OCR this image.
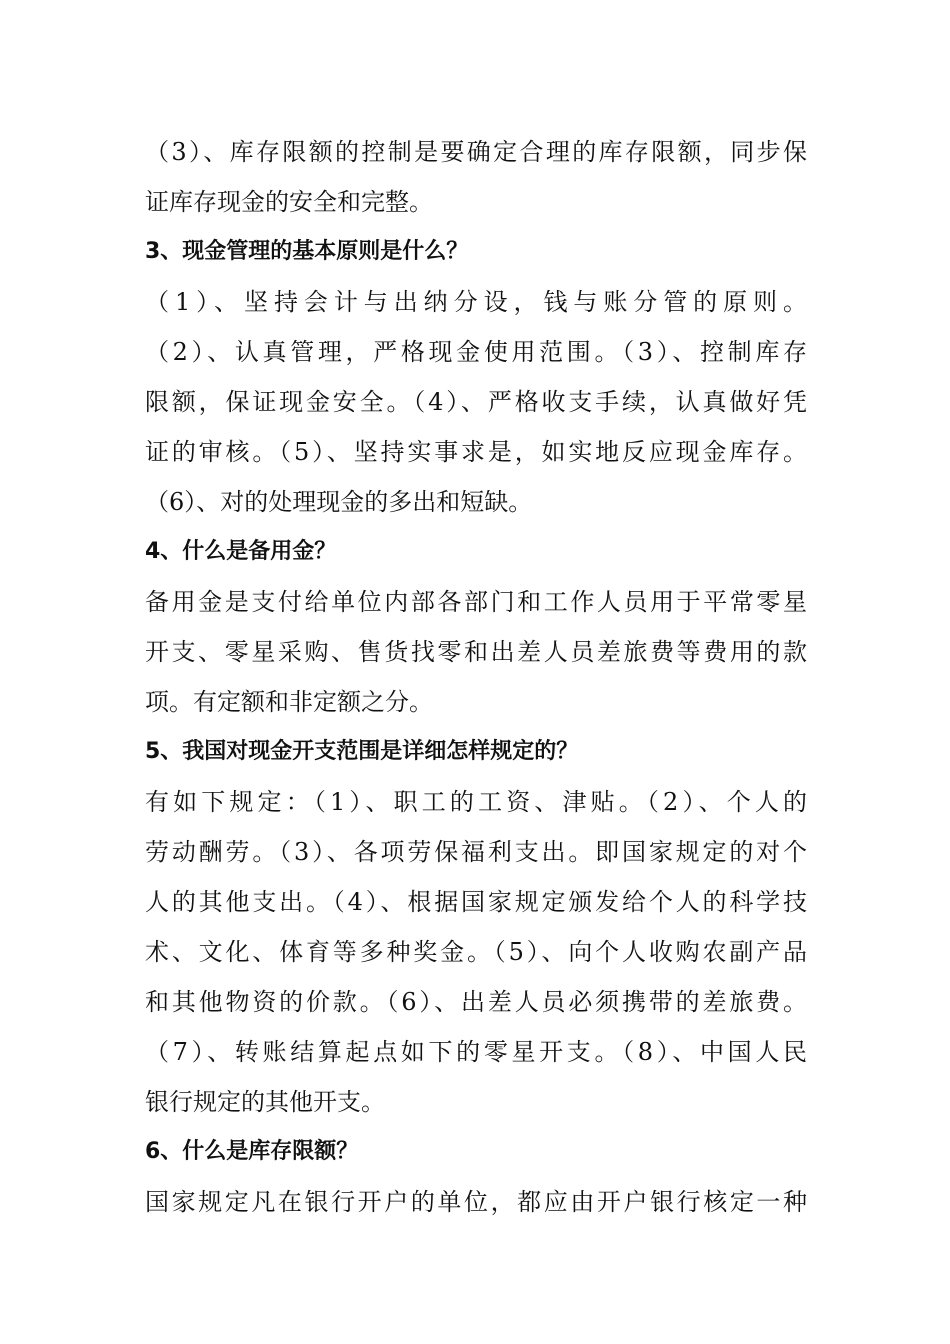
（3）、库存限额的控制是要确定合理的库存限额，同步保
证库存现金的安全和完整。
3、现金管理的基本原则是什么？
（1）、坚持会计与出纳分设，钱与账分管的原则。
（2）、认真管理，严格现金使用范围。（3）、控制库存
限额，保证现金安全。（4）、严格收支手续，认真做好凭
证的审核。（5）、坚持实事求是，如实地反应现金库存。
（6）、对的处理现金的多出和短缺。
4、什么是备用金？
备用金是支付给单位内部各部门和工作人员用于平常零星
开支、零星采购、售货找零和出差人员差旅费等费用的款
项。有定额和非定额之分。
5、我国对现金开支范围是详细怎样规定的？
有如下规定：（1）、职工的工资、津贴。（2）、个人的
劳动酬劳。（3）、各项劳保福利支出。即国家规定的对个
人的其他支出。（4）、根据国家规定颁发给个人的科学技
术、文化、体育等多种奖金。（5）、向个人收购农副产品
和其他物资的价款。（6）、出差人员必须携带的差旅费。
（7）、转账结算起点如下的零星开支。（8）、中国人民
银行规定的其他开支。
6、什么是库存限额？
国家规定凡在银行开户的单位，都应由开户银行核定一种
